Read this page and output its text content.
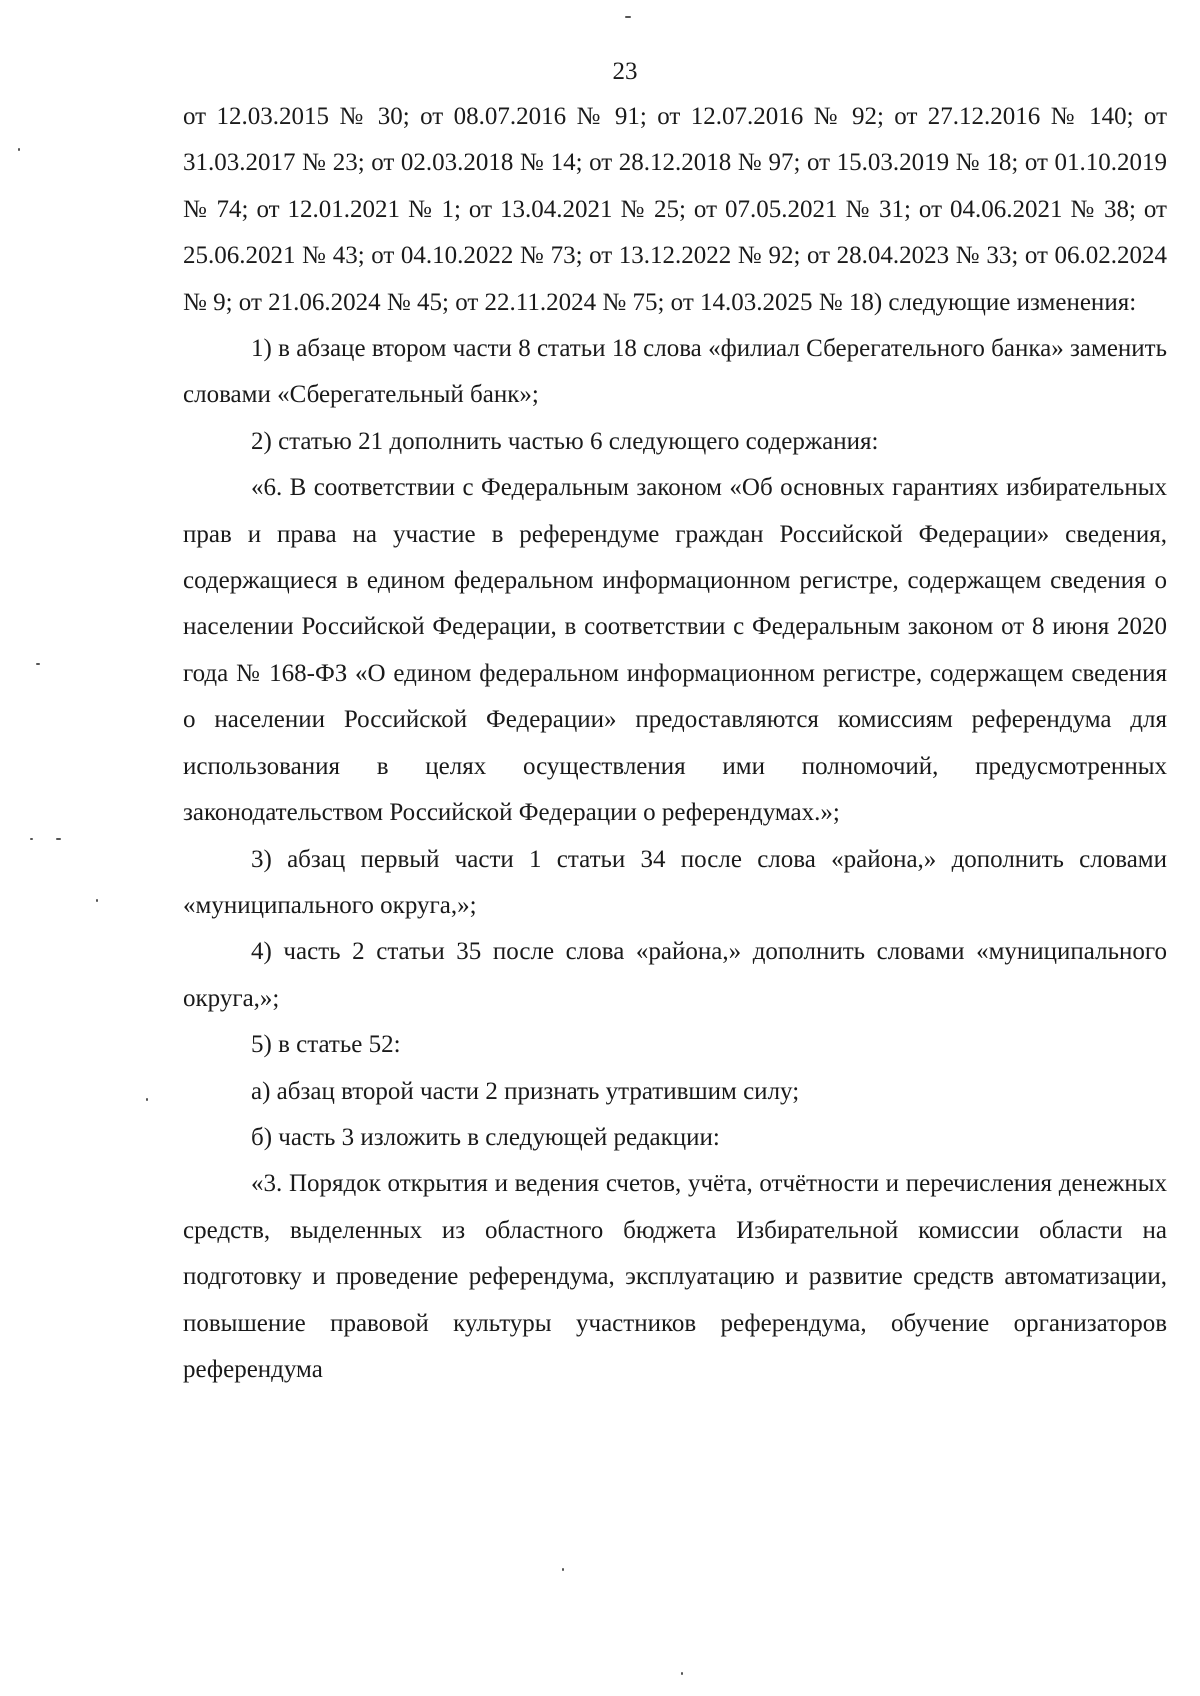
23

от 12.03.2015 № 30; от 08.07.2016 № 91; от 12.07.2016 № 92; от 27.12.2016 № 140; от 31.03.2017 № 23; от 02.03.2018 № 14; от 28.12.2018 № 97; от 15.03.2019 № 18; от 01.10.2019 № 74; от 12.01.2021 № 1; от 13.04.2021 № 25; от 07.05.2021 № 31; от 04.06.2021 № 38; от 25.06.2021 № 43; от 04.10.2022 № 73; от 13.12.2022 № 92; от 28.04.2023 № 33; от 06.02.2024 № 9; от 21.06.2024 № 45; от 22.11.2024 № 75; от 14.03.2025 № 18) следующие изменения:

1) в абзаце втором части 8 статьи 18 слова «филиал Сберегательного банка» заменить словами «Сберегательный банк»;

2) статью 21 дополнить частью 6 следующего содержания:

«6. В соответствии с Федеральным законом «Об основных гарантиях избирательных прав и права на участие в референдуме граждан Российской Федерации» сведения, содержащиеся в едином федеральном информационном регистре, содержащем сведения о населении Российской Федерации, в соответствии с Федеральным законом от 8 июня 2020 года № 168-ФЗ «О едином федеральном информационном регистре, содержащем сведения о населении Российской Федерации» предоставляются комиссиям референдума для использования в целях осуществления ими полномочий, предусмотренных законодательством Российской Федерации о референдумах.»;

3) абзац первый части 1 статьи 34 после слова «района,» дополнить словами «муниципального округа,»;

4) часть 2 статьи 35 после слова «района,» дополнить словами «муниципального округа,»;

5) в статье 52:

а) абзац второй части 2 признать утратившим силу;

б) часть 3 изложить в следующей редакции:

«3. Порядок открытия и ведения счетов, учёта, отчётности и перечисления денежных средств, выделенных из областного бюджета Избирательной комиссии области на подготовку и проведение референдума, эксплуатацию и развитие средств автоматизации, повышение правовой культуры участников референдума, обучение организаторов референдума
